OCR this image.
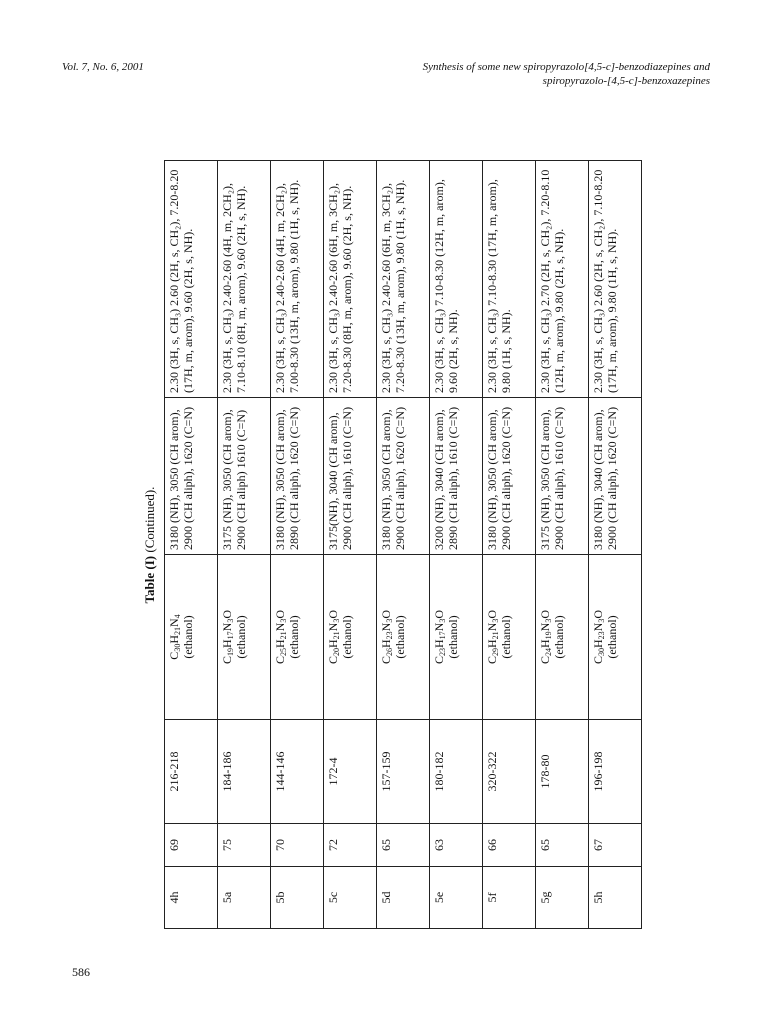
Vol. 7, No. 6, 2001	Synthesis of some new spiropyrazolo[4,5-c]-benzodiazepines and
spiropyrazolo-[4,5-c]-benzoxazepines
Table (I) (Continued).
4h	69	216-218	$C_{30}H_{21}N_4$ (ethanol)	3180 (NH), 3050 (CH arom), 2900 (CH aliph), 1620 (C=N)	2.30 (3H, s, CH₃) 2.60 (2H, s, CH₂), 7.20-8.20 (17H, m, arom), 9.60 (2H, s, NH).
5a	75	184-186	$C_{19}H_{17}N_3O$
(ethanol)	3175 (NH), 3050 (CH arom), 2900 (CH aliph) 1610 (C=N)	2.30 (3H, s, CH₃) 2.40-2.60 (4H, m, 2CH₂), 7.10-8.10 (8H, m, arom), 9.60 (2H, s, NH).
5b	70	144-146	$C_{25}H_{21}N_3O$
(ethanol)	3180 (NH), 3050 (CH arom), 2890 (CH aliph), 1620 (C=N)	2.30 (3H, s, CH₃) 2.40-2.60 (4H, m, 2CH₂), 7.00-8.30 (13H, m, arom), 9.80 (1H, s, NH).
5c	72	172-4	$C_{20}H_{21}N_3O$
(ethanol)	3175(NH), 3040 (CH arom), 2900 (CH aliph), 1610 (C=N)	2.30 (3H, s, CH₃) 2.40-2.60 (6H, m, 3CH₂), 7.20-8.30 (8H, m, arom), 9.60 (2H, s, NH).
5d	65	157-159	$C_{26}H_{23}N_3O$
(ethanol)	3180 (NH), 3050 (CH arom), 2900 (CH aliph), 1620 (C=N)	2.30 (3H, s, CH₃) 2.40-2.60 (6H, m, 3CH₂), 7.20-8.30 (13H, m, arom), 9.80 (1H, s, NH).
5e	63	180-182	$C_{23}H_{17}N_3O$
(ethanol)	3200 (NH), 3040 (CH arom), 2890 (CH aliph), 1610 (C=N)	2.30 (3H, s, CH₃) 7.10-8.30 (12H, m, arom), 9.60 (2H, s, NH).
5f	66	320-322	$C_{29}H_{21}N_3O$
(ethanol)	3180 (NH), 3050 (CH arom), 2900 (CH aliph), 1620 (C=N)	2.30 (3H, s, CH₃) 7.10-8.30 (17H, m, arom), 9.80 (1H, s, NH).
5g	65	178-80	$C_{24}H_{19}N_3O$
(ethanol)	3175 (NH), 3050 (CH arom), 2900 (CH aliph), 1610 (C=N)	2.30 (3H, s, CH₃) 2.70 (2H, s, CH₂), 7.20-8.10 (12H, m, arom), 9.80 (2H, s, NH).
5h	67	196-198	$C_{30}H_{23}N_3O$
(ethanol)	3180 (NH), 3040 (CH arom), 2900 (CH aliph), 1620 (C=N)	2.30 (3H, s, CH₃) 2.60 (2H, s, CH₂), 7.10-8.20 (17H, m, arom), 9.80 (1H, s, NH).
586
